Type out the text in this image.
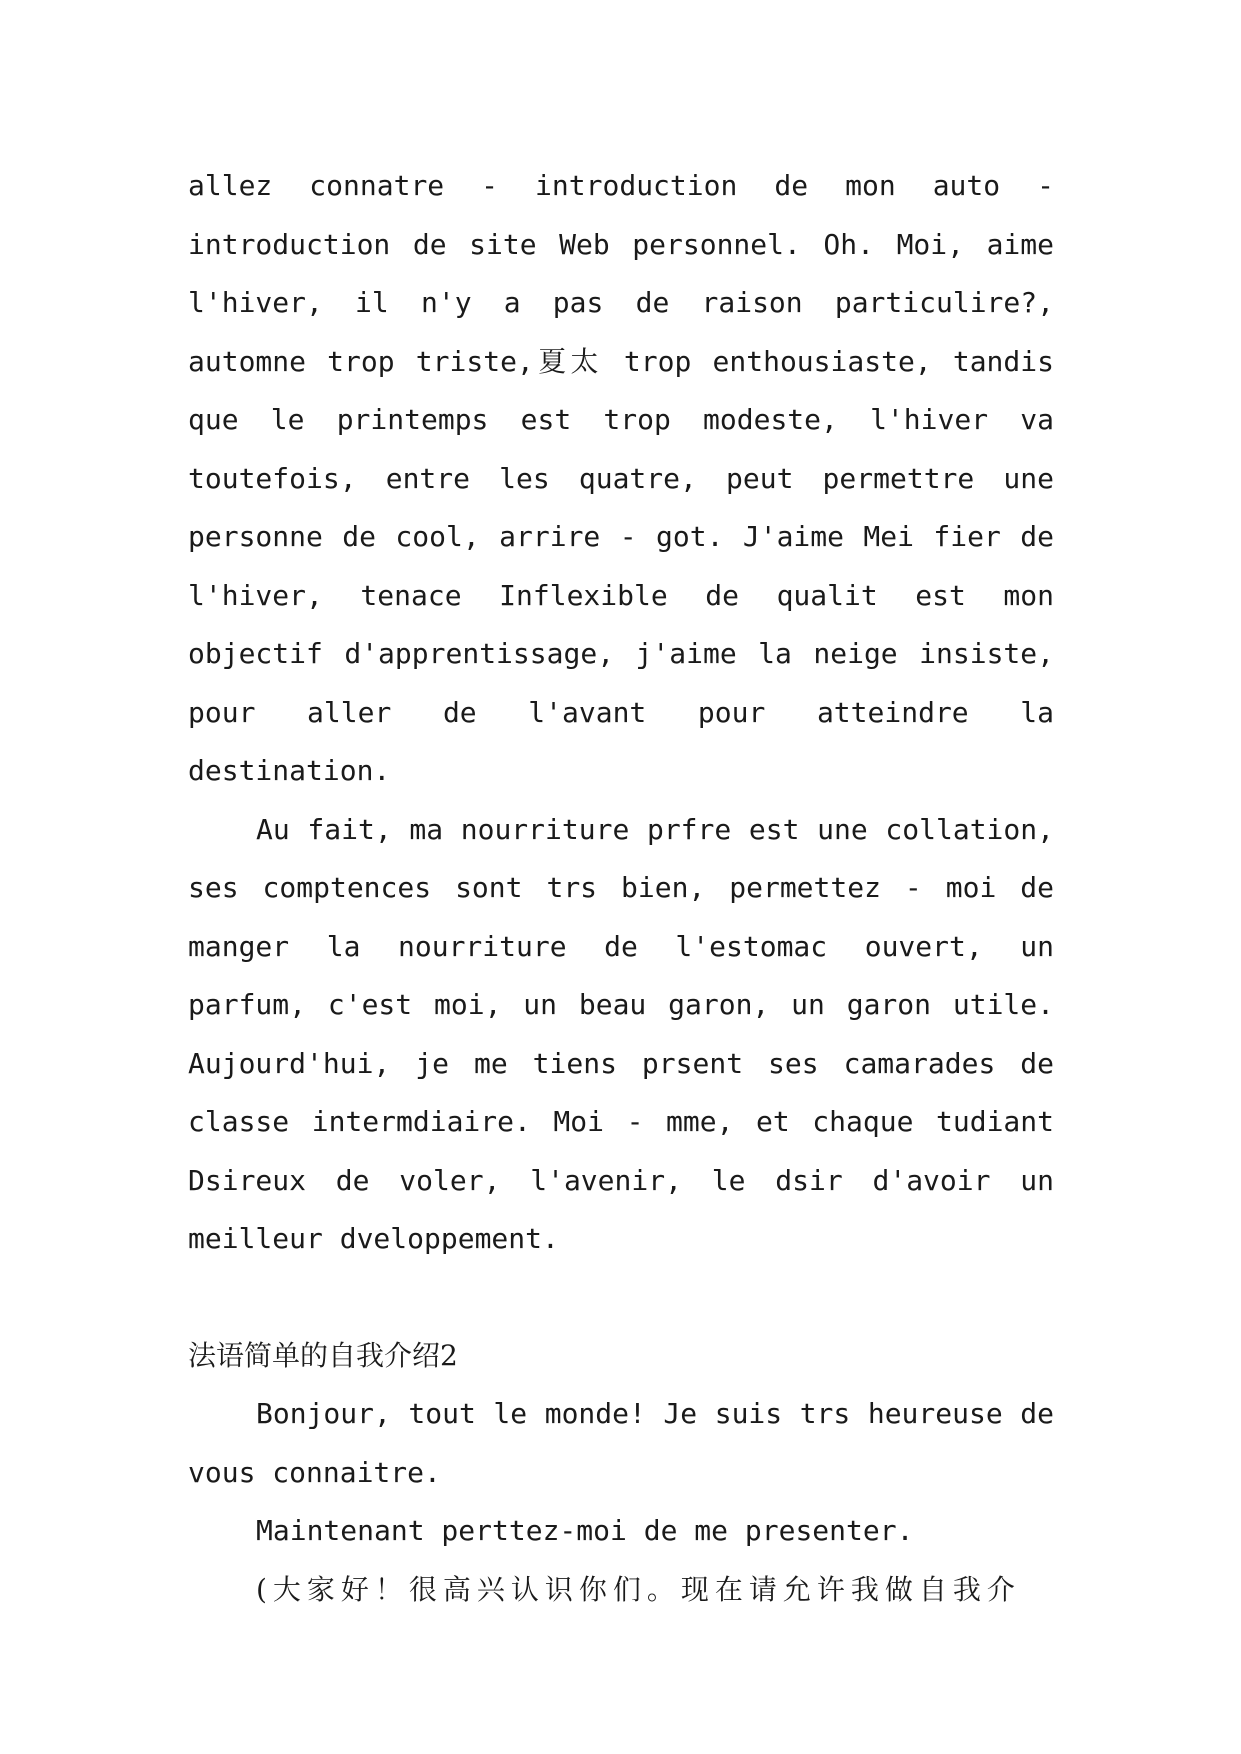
allez connatre - introduction de mon auto - introduction de site Web personnel. Oh. Moi, aime l'hiver, il n'y a pas de raison particulire?, automne trop triste,夏太 trop enthousiaste, tandis que le printemps est trop modeste, l'hiver va toutefois, entre les quatre, peut permettre une personne de cool, arrire - got. J'aime Mei fier de l'hiver, tenace Inflexible de qualit est mon objectif d'apprentissage, j'aime la neige insiste, pour aller de l'avant pour atteindre la destination.

Au fait, ma nourriture prfre est une collation, ses comptences sont trs bien, permettez - moi de manger la nourriture de l'estomac ouvert, un parfum, c'est moi, un beau garon, un garon utile. Aujourd'hui, je me tiens prsent ses camarades de classe intermdiaire. Moi - mme, et chaque tudiant Dsireux de voler, l'avenir, le dsir d'avoir un meilleur dveloppement.

法语简单的自我介绍2

Bonjour, tout le monde! Je suis trs heureuse de vous connaitre.

Maintenant perttez-moi de me presenter.

(大家好！很高兴认识你们。现在请允许我做自我介
